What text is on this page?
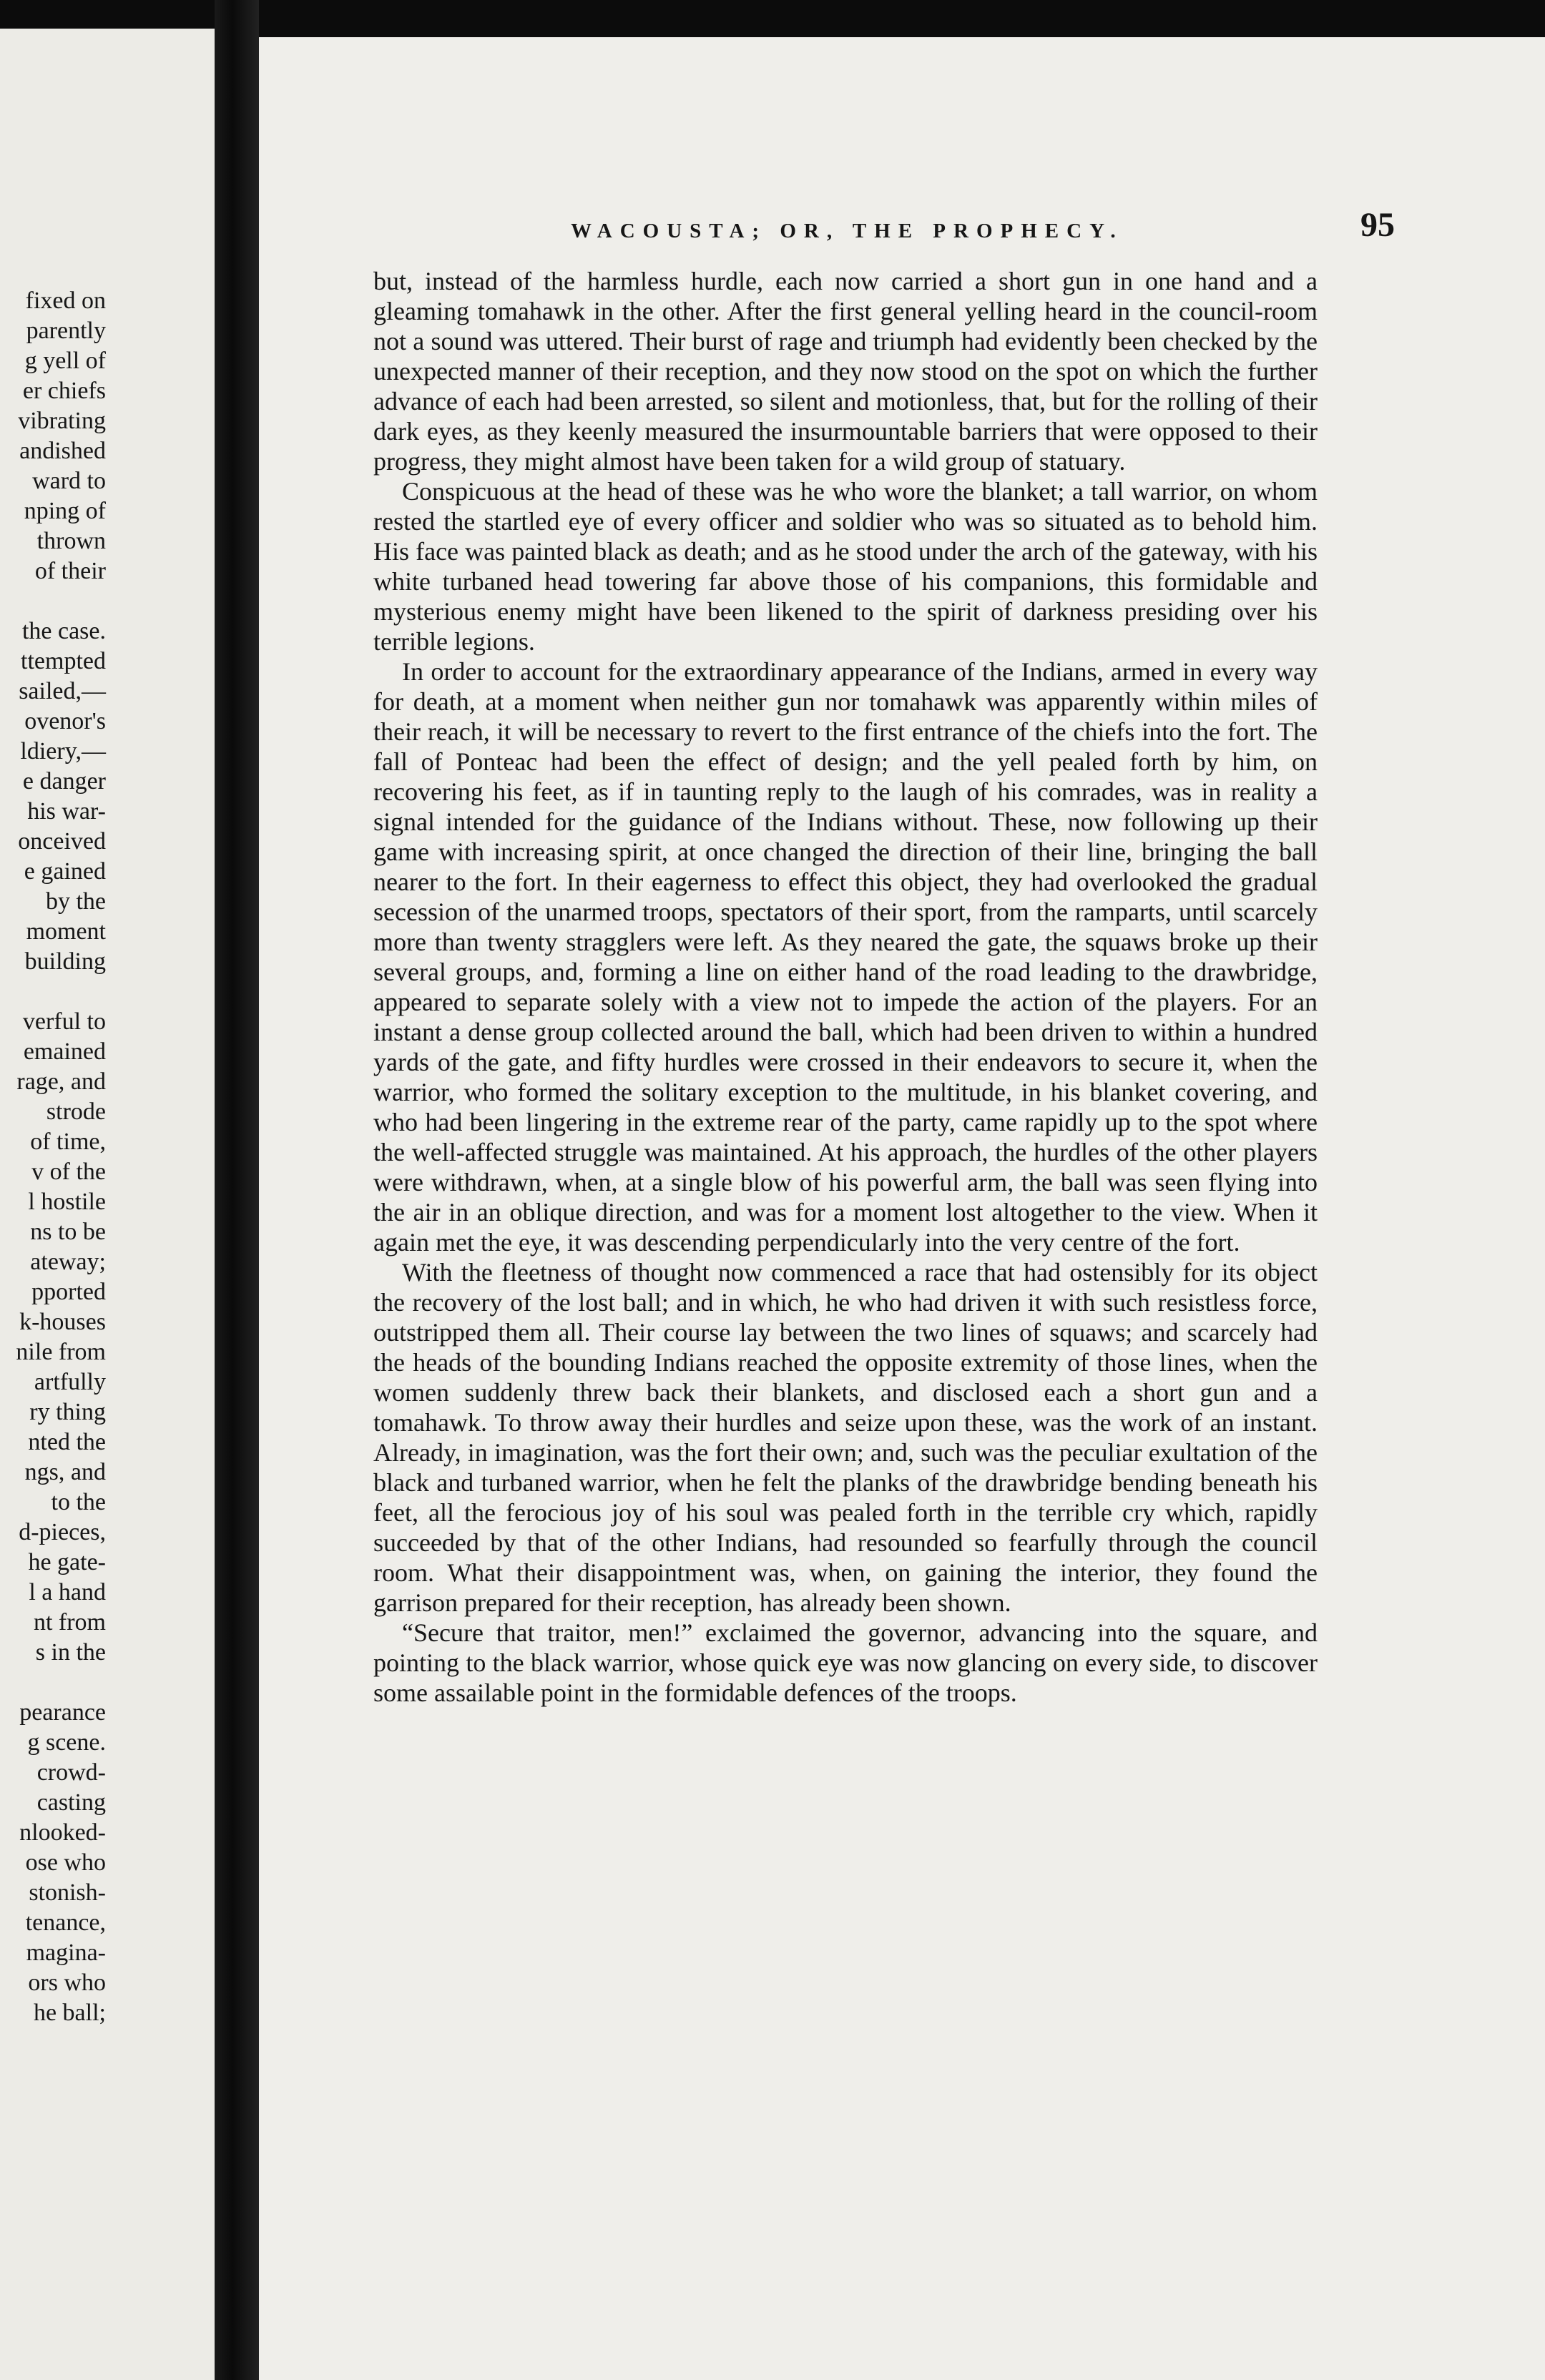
fixed on
parently
g yell of
er chiefs
vibrating
andished
ward to
nping of
thrown
of their
the case.
ttempted
sailed,—
ovenor's
ldiery,—
e danger
his war-
onceived
e gained
by the
moment
building
verful to
emained
rage, and
strode
of time,
v of the
l hostile
ns to be
ateway;
pported
k-houses
nile from
artfully
ry thing
nted the
ngs, and
to the
d-pieces,
he gate-
l a hand
nt from
s in the
pearance
g scene.
crowd-
casting
nlooked-
ose who
stonish-
tenance,
magina-
ors who
he ball;
WACOUSTA; OR, THE PROPHECY.	95

but, instead of the harmless hurdle, each now carried a short gun in one hand and a gleaming tomahawk in the other. After the first general yelling heard in the council-room not a sound was uttered. Their burst of rage and triumph had evidently been checked by the unexpected manner of their reception, and they now stood on the spot on which the further advance of each had been arrested, so silent and motionless, that, but for the rolling of their dark eyes, as they keenly measured the insurmountable barriers that were opposed to their progress, they might almost have been taken for a wild group of statuary.

Conspicuous at the head of these was he who wore the blanket; a tall warrior, on whom rested the startled eye of every officer and soldier who was so situated as to behold him. His face was painted black as death; and as he stood under the arch of the gateway, with his white turbaned head towering far above those of his companions, this formidable and mysterious enemy might have been likened to the spirit of darkness presiding over his terrible legions.

In order to account for the extraordinary appearance of the Indians, armed in every way for death, at a moment when neither gun nor tomahawk was apparently within miles of their reach, it will be necessary to revert to the first entrance of the chiefs into the fort. The fall of Ponteac had been the effect of design; and the yell pealed forth by him, on recovering his feet, as if in taunting reply to the laugh of his comrades, was in reality a signal intended for the guidance of the Indians without. These, now following up their game with increasing spirit, at once changed the direction of their line, bringing the ball nearer to the fort. In their eagerness to effect this object, they had overlooked the gradual secession of the unarmed troops, spectators of their sport, from the ramparts, until scarcely more than twenty stragglers were left. As they neared the gate, the squaws broke up their several groups, and, forming a line on either hand of the road leading to the drawbridge, appeared to separate solely with a view not to impede the action of the players. For an instant a dense group collected around the ball, which had been driven to within a hundred yards of the gate, and fifty hurdles were crossed in their endeavors to secure it, when the warrior, who formed the solitary exception to the multitude, in his blanket covering, and who had been lingering in the extreme rear of the party, came rapidly up to the spot where the well-affected struggle was maintained. At his approach, the hurdles of the other players were withdrawn, when, at a single blow of his powerful arm, the ball was seen flying into the air in an oblique direction, and was for a moment lost altogether to the view. When it again met the eye, it was descending perpendicularly into the very centre of the fort.

With the fleetness of thought now commenced a race that had ostensibly for its object the recovery of the lost ball; and in which, he who had driven it with such resistless force, outstripped them all. Their course lay between the two lines of squaws; and scarcely had the heads of the bounding Indians reached the opposite extremity of those lines, when the women suddenly threw back their blankets, and disclosed each a short gun and a tomahawk. To throw away their hurdles and seize upon these, was the work of an instant. Already, in imagination, was the fort their own; and, such was the peculiar exultation of the black and turbaned warrior, when he felt the planks of the drawbridge bending beneath his feet, all the ferocious joy of his soul was pealed forth in the terrible cry which, rapidly succeeded by that of the other Indians, had resounded so fearfully through the council room. What their disappointment was, when, on gaining the interior, they found the garrison prepared for their reception, has already been shown.

“Secure that traitor, men!” exclaimed the governor, advancing into the square, and pointing to the black warrior, whose quick eye was now glancing on every side, to discover some assailable point in the formidable defences of the troops.
